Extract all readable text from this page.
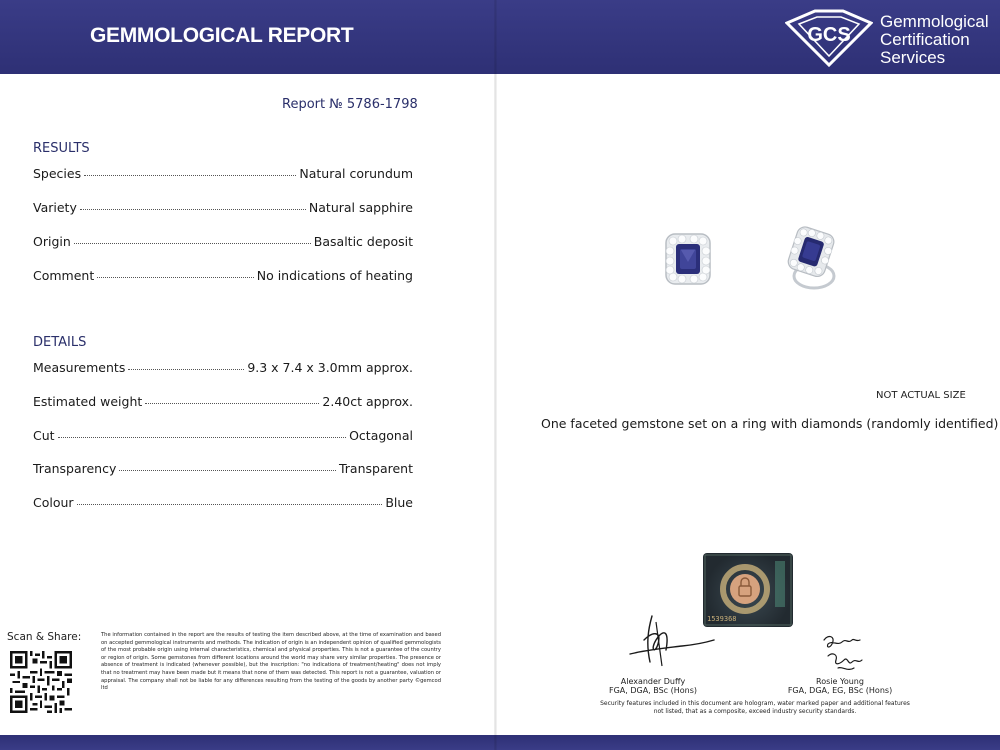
GEMMOLOGICAL REPORT	GCS
Gemmological
Certification
Services
Report № 5786-1798
RESULTS
Species	Natural corundum
Variety	Natural sapphire
Origin	Basaltic deposit
Comment	No indications of heating
DETAILS
Measurements	9.3 x 7.4 x 3.0mm approx.
Estimated weight	2.40ct approx.
Cut	Octagonal
Transparency	Transparent
Colour	Blue
NOT ACTUAL SIZE
One faceted gemstone set on a ring with diamonds (randomly identified)
1539368
Scan & Share:	The information contained in the report are the results of testing the item described above, at the time of examination and based on accepted gemmological instruments and methods. The indication of origin is an independent opinion of qualified gemmologists of the most probable origin using internal characteristics, chemical and physical properties. This is not a guarantee of the country or region of origin. Some gemstones from different locations around the world may share very similar properties. The presence or absence of treatment is indicated (whenever possible), but the inscription: "no indications of treatment/heating" does not imply that no treatment may have been made but it means that none of them was detected. This report is not a guarantee, valuation or appraisal. The company shall not be liable for any differences resulting from the testing of the goods by another party ©gemcod ltd
Alexander Duffy
FGA, DGA, BSc (Hons)
Rosie Young
FGA, DGA, EG, BSc (Hons)
Security features included in this document are hologram, water marked paper and additional features not listed, that as a composite, exceed industry security standards.
